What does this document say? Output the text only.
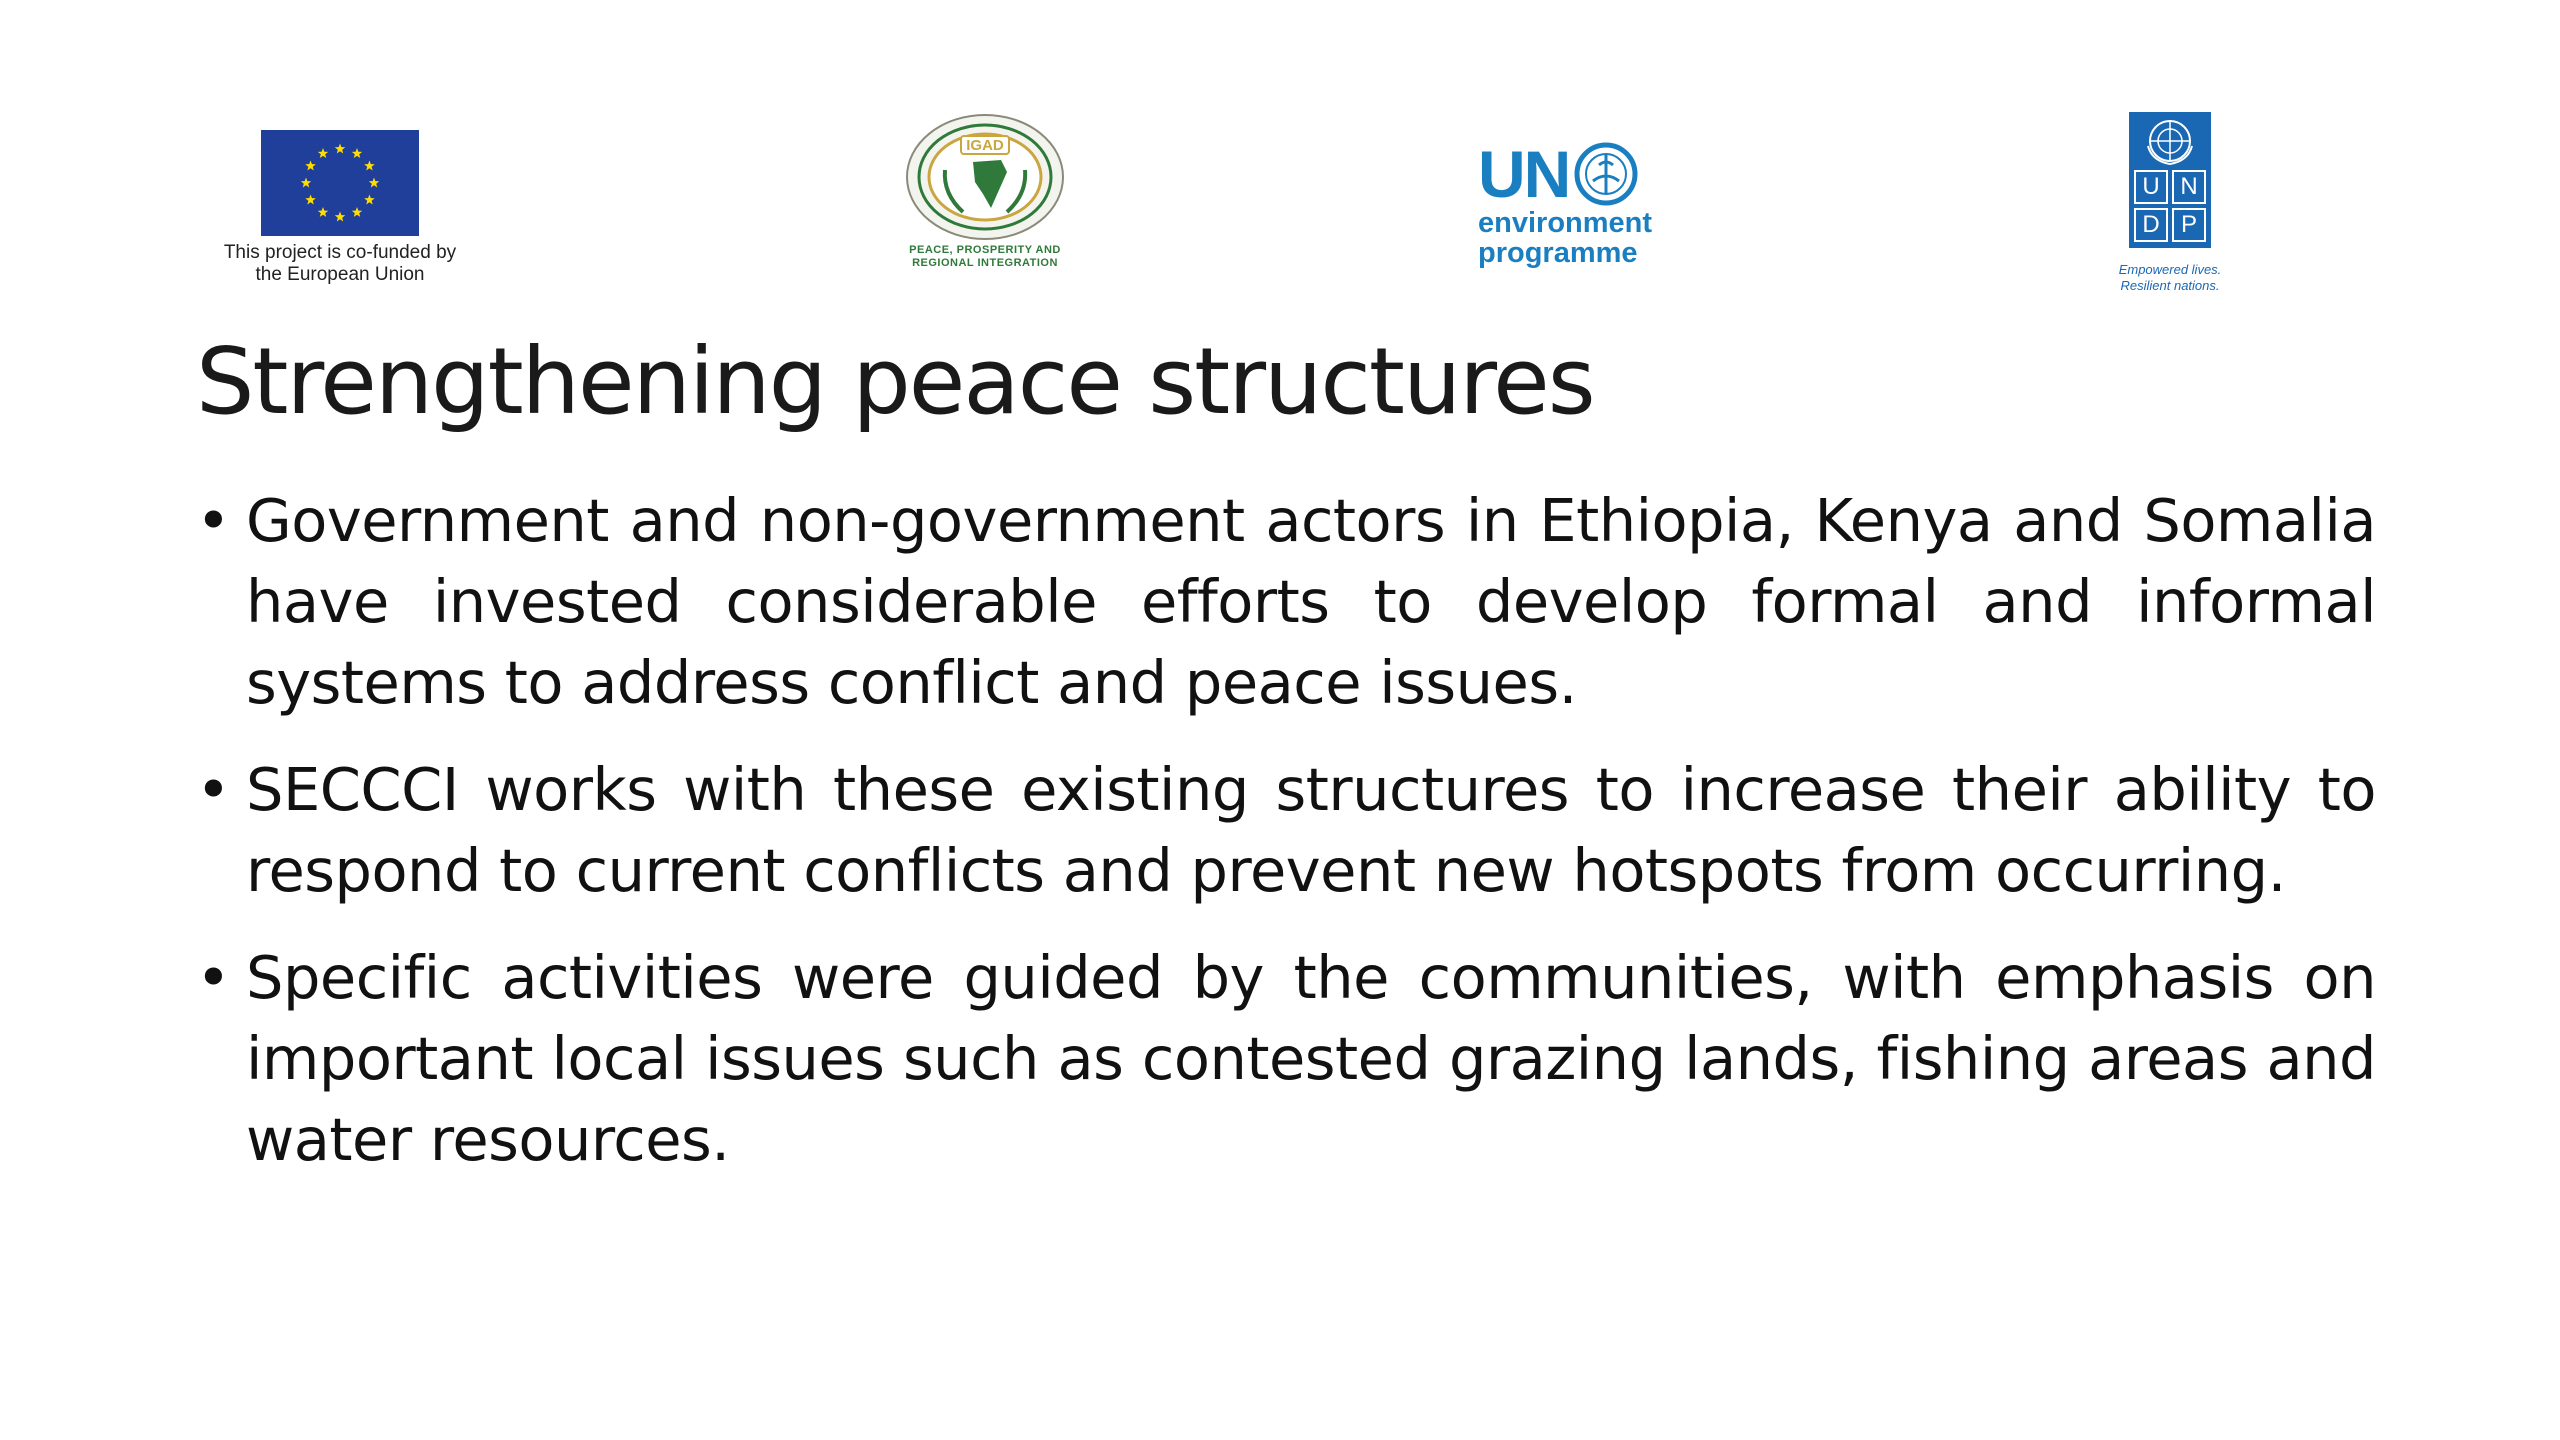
This project is co-funded by
the European Union
IGAD
PEACE, PROSPERITY AND
REGIONAL INTEGRATION
UN
environment
programme
U N
D P
Empowered lives.
Resilient nations.
Strengthening peace structures
• Government and non-government actors in Ethiopia, Kenya and Somalia have invested considerable efforts to develop formal and informal systems to address conflict and peace issues.
• SECCCI works with these existing structures to increase their ability to respond to current conflicts and prevent new hotspots from occurring.
• Specific activities were guided by the communities, with emphasis on important local issues such as contested grazing lands, fishing areas and water resources.
